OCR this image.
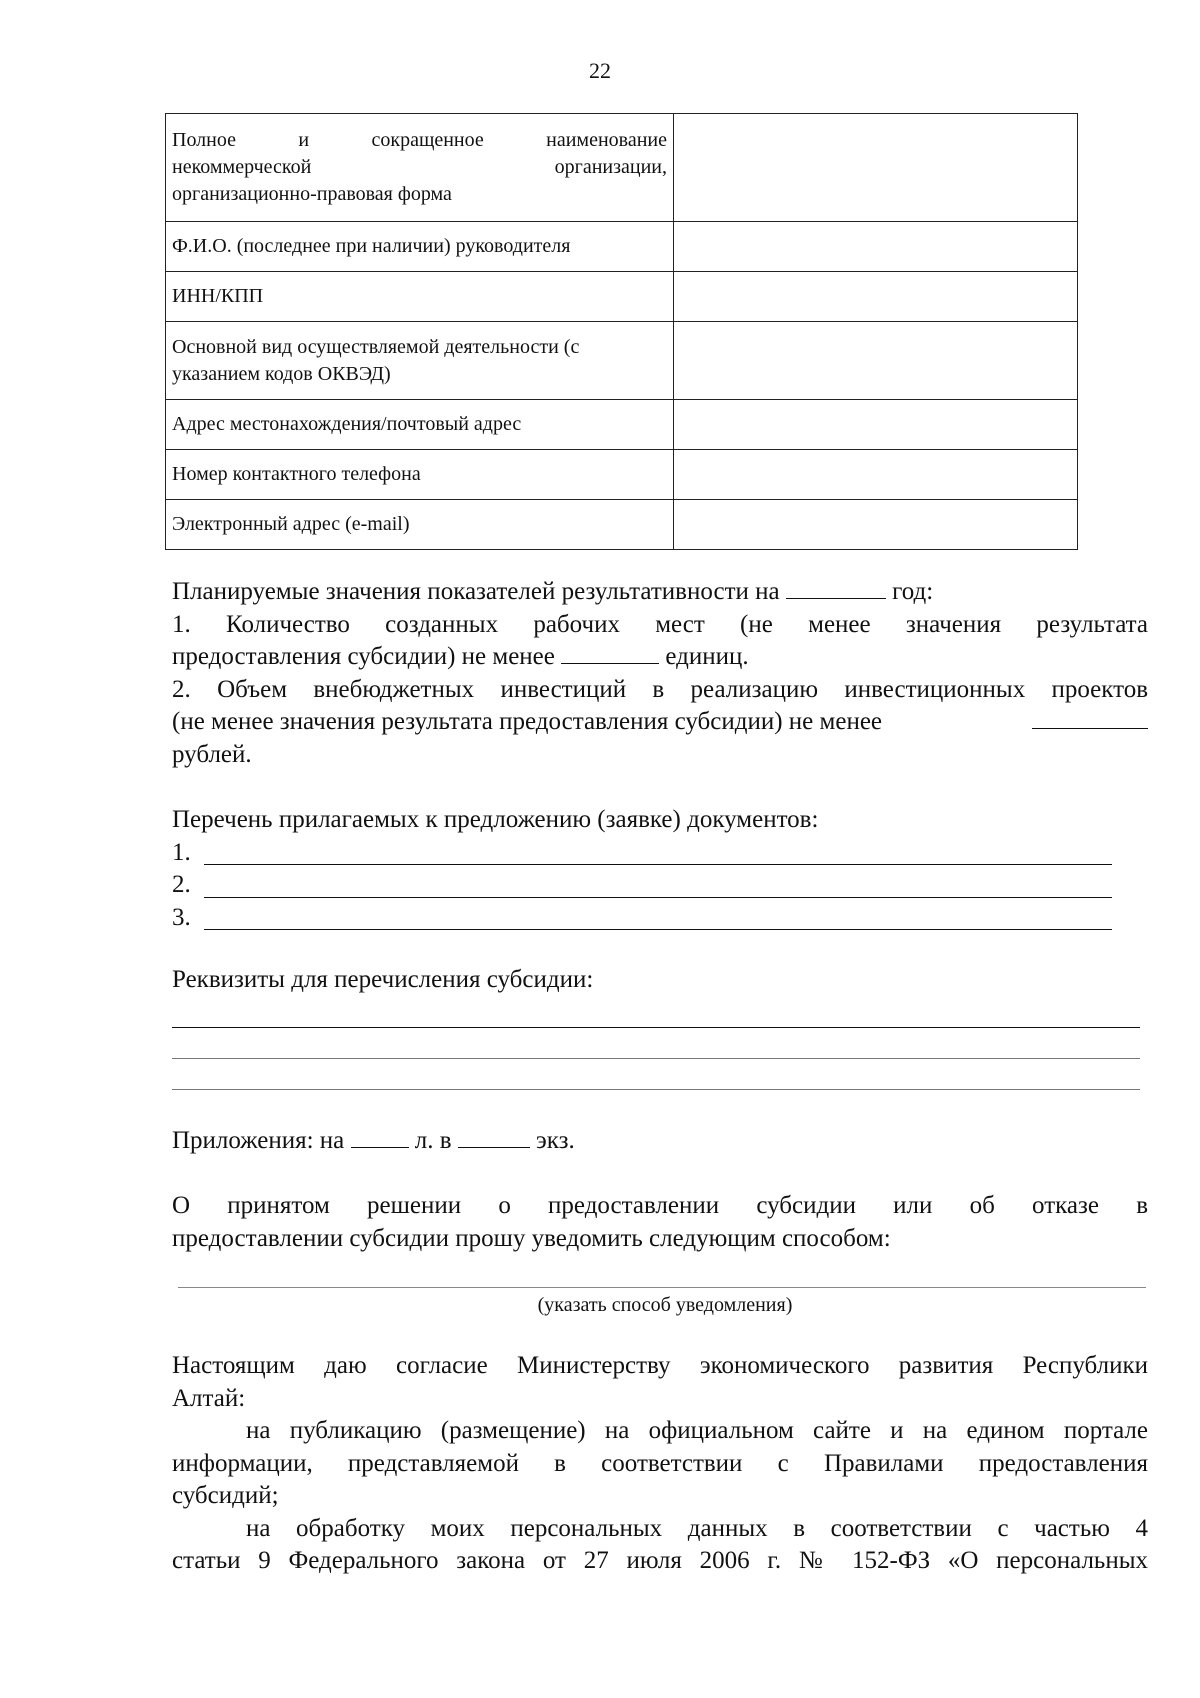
22
Полное и сокращенное наименование
некоммерческой организации,
организационно-правовая форма	

Ф.И.О. (последнее при наличии) руководителя	
ИНН/КПП	

Основной вид осуществляемой деятельности (с
указанием кодов ОКВЭД)	

Адрес местонахождения/почтовый адрес	
Номер контактного телефона	
Электронный адрес (e-mail)	
Планируемые значения показателей результативности на	год:
1. Количество созданных рабочих мест (не менее значения результата
предоставления субсидии) не менее	единиц.
2. Объем внебюджетных инвестиций в реализацию инвестиционных проектов
(не менее значения результата предоставления субсидии) не менее
рублей.
Перечень прилагаемых к предложению (заявке) документов:
1.
2.
3.
Реквизиты для перечисления субсидии:
Приложения: на	л. в	экз.
О принятом решении о предоставлении субсидии или об отказе в
предоставлении субсидии прошу уведомить следующим способом:
(указать способ уведомления)
Настоящим даю согласие Министерству экономического развития Республики
Алтай:
на публикацию (размещение) на официальном сайте и на едином портале
информации, представляемой в соответствии с Правилами предоставления
субсидий;
на обработку моих персональных данных в соответствии с частью 4
статьи 9 Федерального закона от 27 июля 2006 г. № 152-ФЗ «О персональных
